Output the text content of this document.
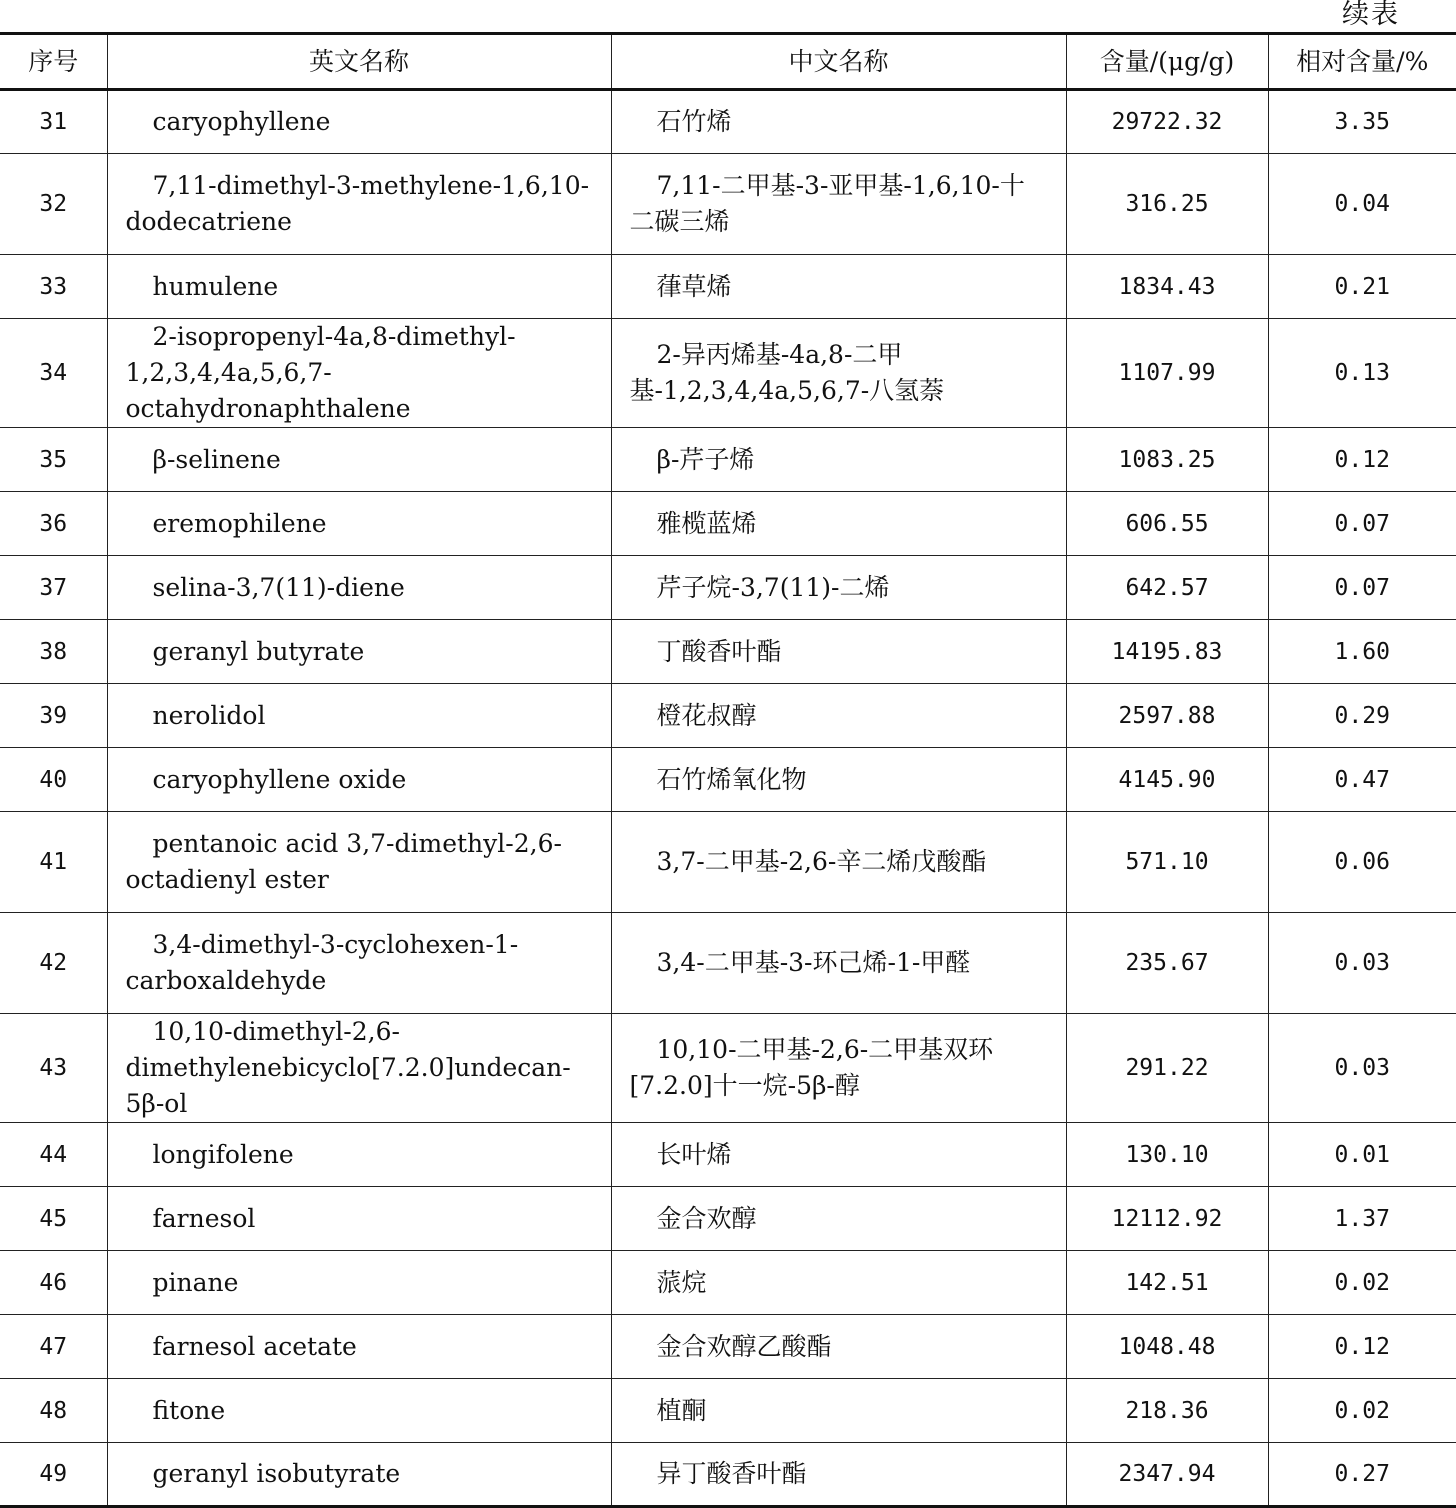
续表
序号	英文名称	中文名称	含量/(μg/g)	相对含量/%
31	caryophyllene	石竹烯	29722.32	3.35
32	7,11-dimethyl-3-methylene-1,6,10-dodecatriene	7,11-二甲基-3-亚甲基-1,6,10-十二碳三烯	316.25	0.04
33	humulene	葎草烯	1834.43	0.21
34	2-isopropenyl-4a,8-dimethyl-1,2,3,4,4a,5,6,7-octahydronaphthalene	2-异丙烯基-4a,8-二甲基-1,2,3,4,4a,5,6,7-八氢萘	1107.99	0.13
35	β-selinene	β-芹子烯	1083.25	0.12
36	eremophilene	雅榄蓝烯	606.55	0.07
37	selina-3,7(11)-diene	芹子烷-3,7(11)-二烯	642.57	0.07
38	geranyl butyrate	丁酸香叶酯	14195.83	1.60
39	nerolidol	橙花叔醇	2597.88	0.29
40	caryophyllene oxide	石竹烯氧化物	4145.90	0.47
41	pentanoic acid 3,7-dimethyl-2,6-octadienyl ester	3,7-二甲基-2,6-辛二烯戊酸酯	571.10	0.06
42	3,4-dimethyl-3-cyclohexen-1-carboxaldehyde	3,4-二甲基-3-环己烯-1-甲醛	235.67	0.03
43	10,10-dimethyl-2,6-dimethylenebicyclo[7.2.0]undecan-5β-ol	10,10-二甲基-2,6-二甲基双环[7.2.0]十一烷-5β-醇	291.22	0.03
44	longifolene	长叶烯	130.10	0.01
45	farnesol	金合欢醇	12112.92	1.37
46	pinane	蒎烷	142.51	0.02
47	farnesol acetate	金合欢醇乙酸酯	1048.48	0.12
48	fitone	植酮	218.36	0.02
49	geranyl isobutyrate	异丁酸香叶酯	2347.94	0.27
